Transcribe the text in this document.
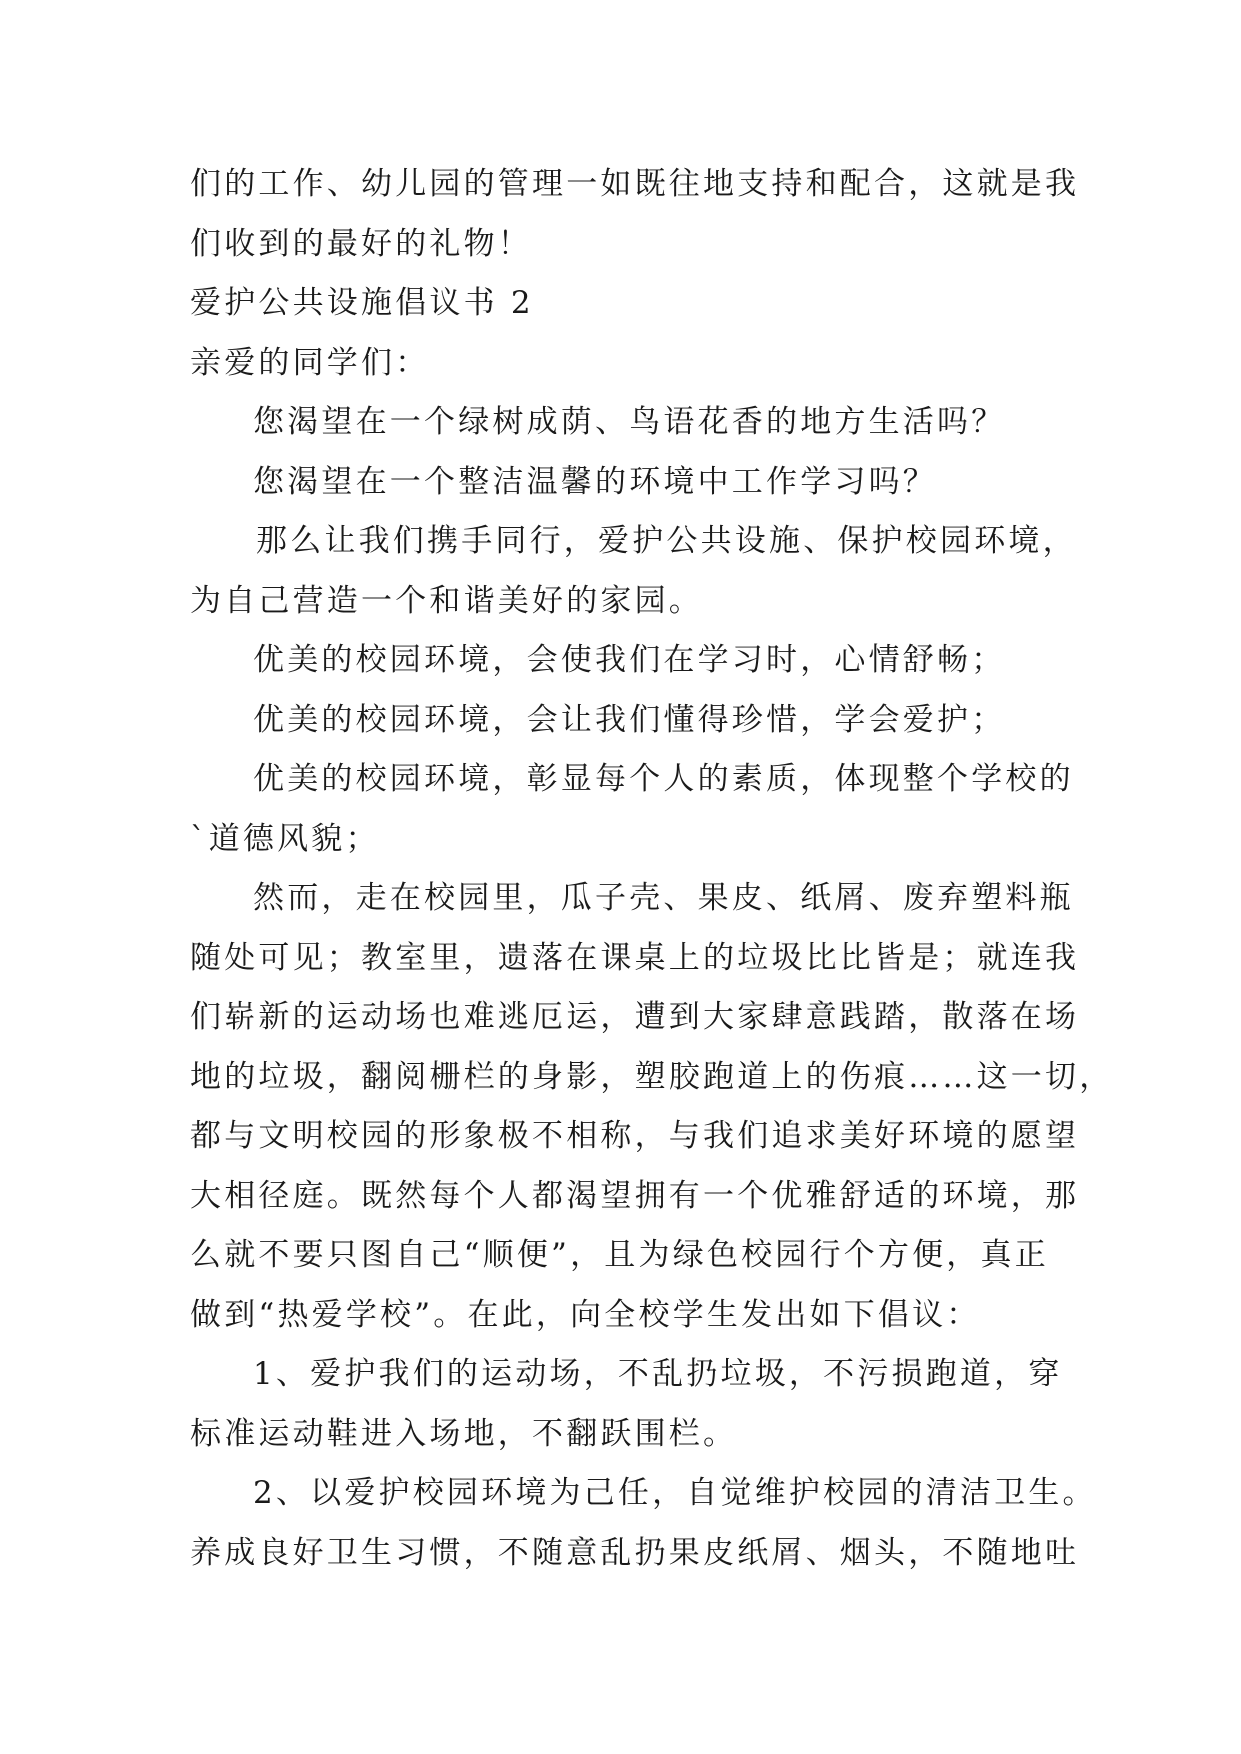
们的工作、幼儿园的管理一如既往地支持和配合，这就是我
们收到的最好的礼物！
爱护公共设施倡议书 2
亲爱的同学们：
您渴望在一个绿树成荫、鸟语花香的地方生活吗？
您渴望在一个整洁温馨的环境中工作学习吗？
那么让我们携手同行，爱护公共设施、保护校园环境，
为自己营造一个和谐美好的家园。
优美的校园环境，会使我们在学习时，心情舒畅；
优美的校园环境，会让我们懂得珍惜，学会爱护；
优美的校园环境，彰显每个人的素质，体现整个学校的
`道德风貌；
然而，走在校园里，瓜子壳、果皮、纸屑、废弃塑料瓶
随处可见；教室里，遗落在课桌上的垃圾比比皆是；就连我
们崭新的运动场也难逃厄运，遭到大家肆意践踏，散落在场
地的垃圾，翻阅栅栏的身影，塑胶跑道上的伤痕……这一切，
都与文明校园的形象极不相称，与我们追求美好环境的愿望
大相径庭。既然每个人都渴望拥有一个优雅舒适的环境，那
么就不要只图自己“顺便”，且为绿色校园行个方便，真正
做到“热爱学校”。在此，向全校学生发出如下倡议：
1、爱护我们的运动场，不乱扔垃圾，不污损跑道，穿
标准运动鞋进入场地，不翻跃围栏。
2、以爱护校园环境为己任，自觉维护校园的清洁卫生。
养成良好卫生习惯，不随意乱扔果皮纸屑、烟头，不随地吐
